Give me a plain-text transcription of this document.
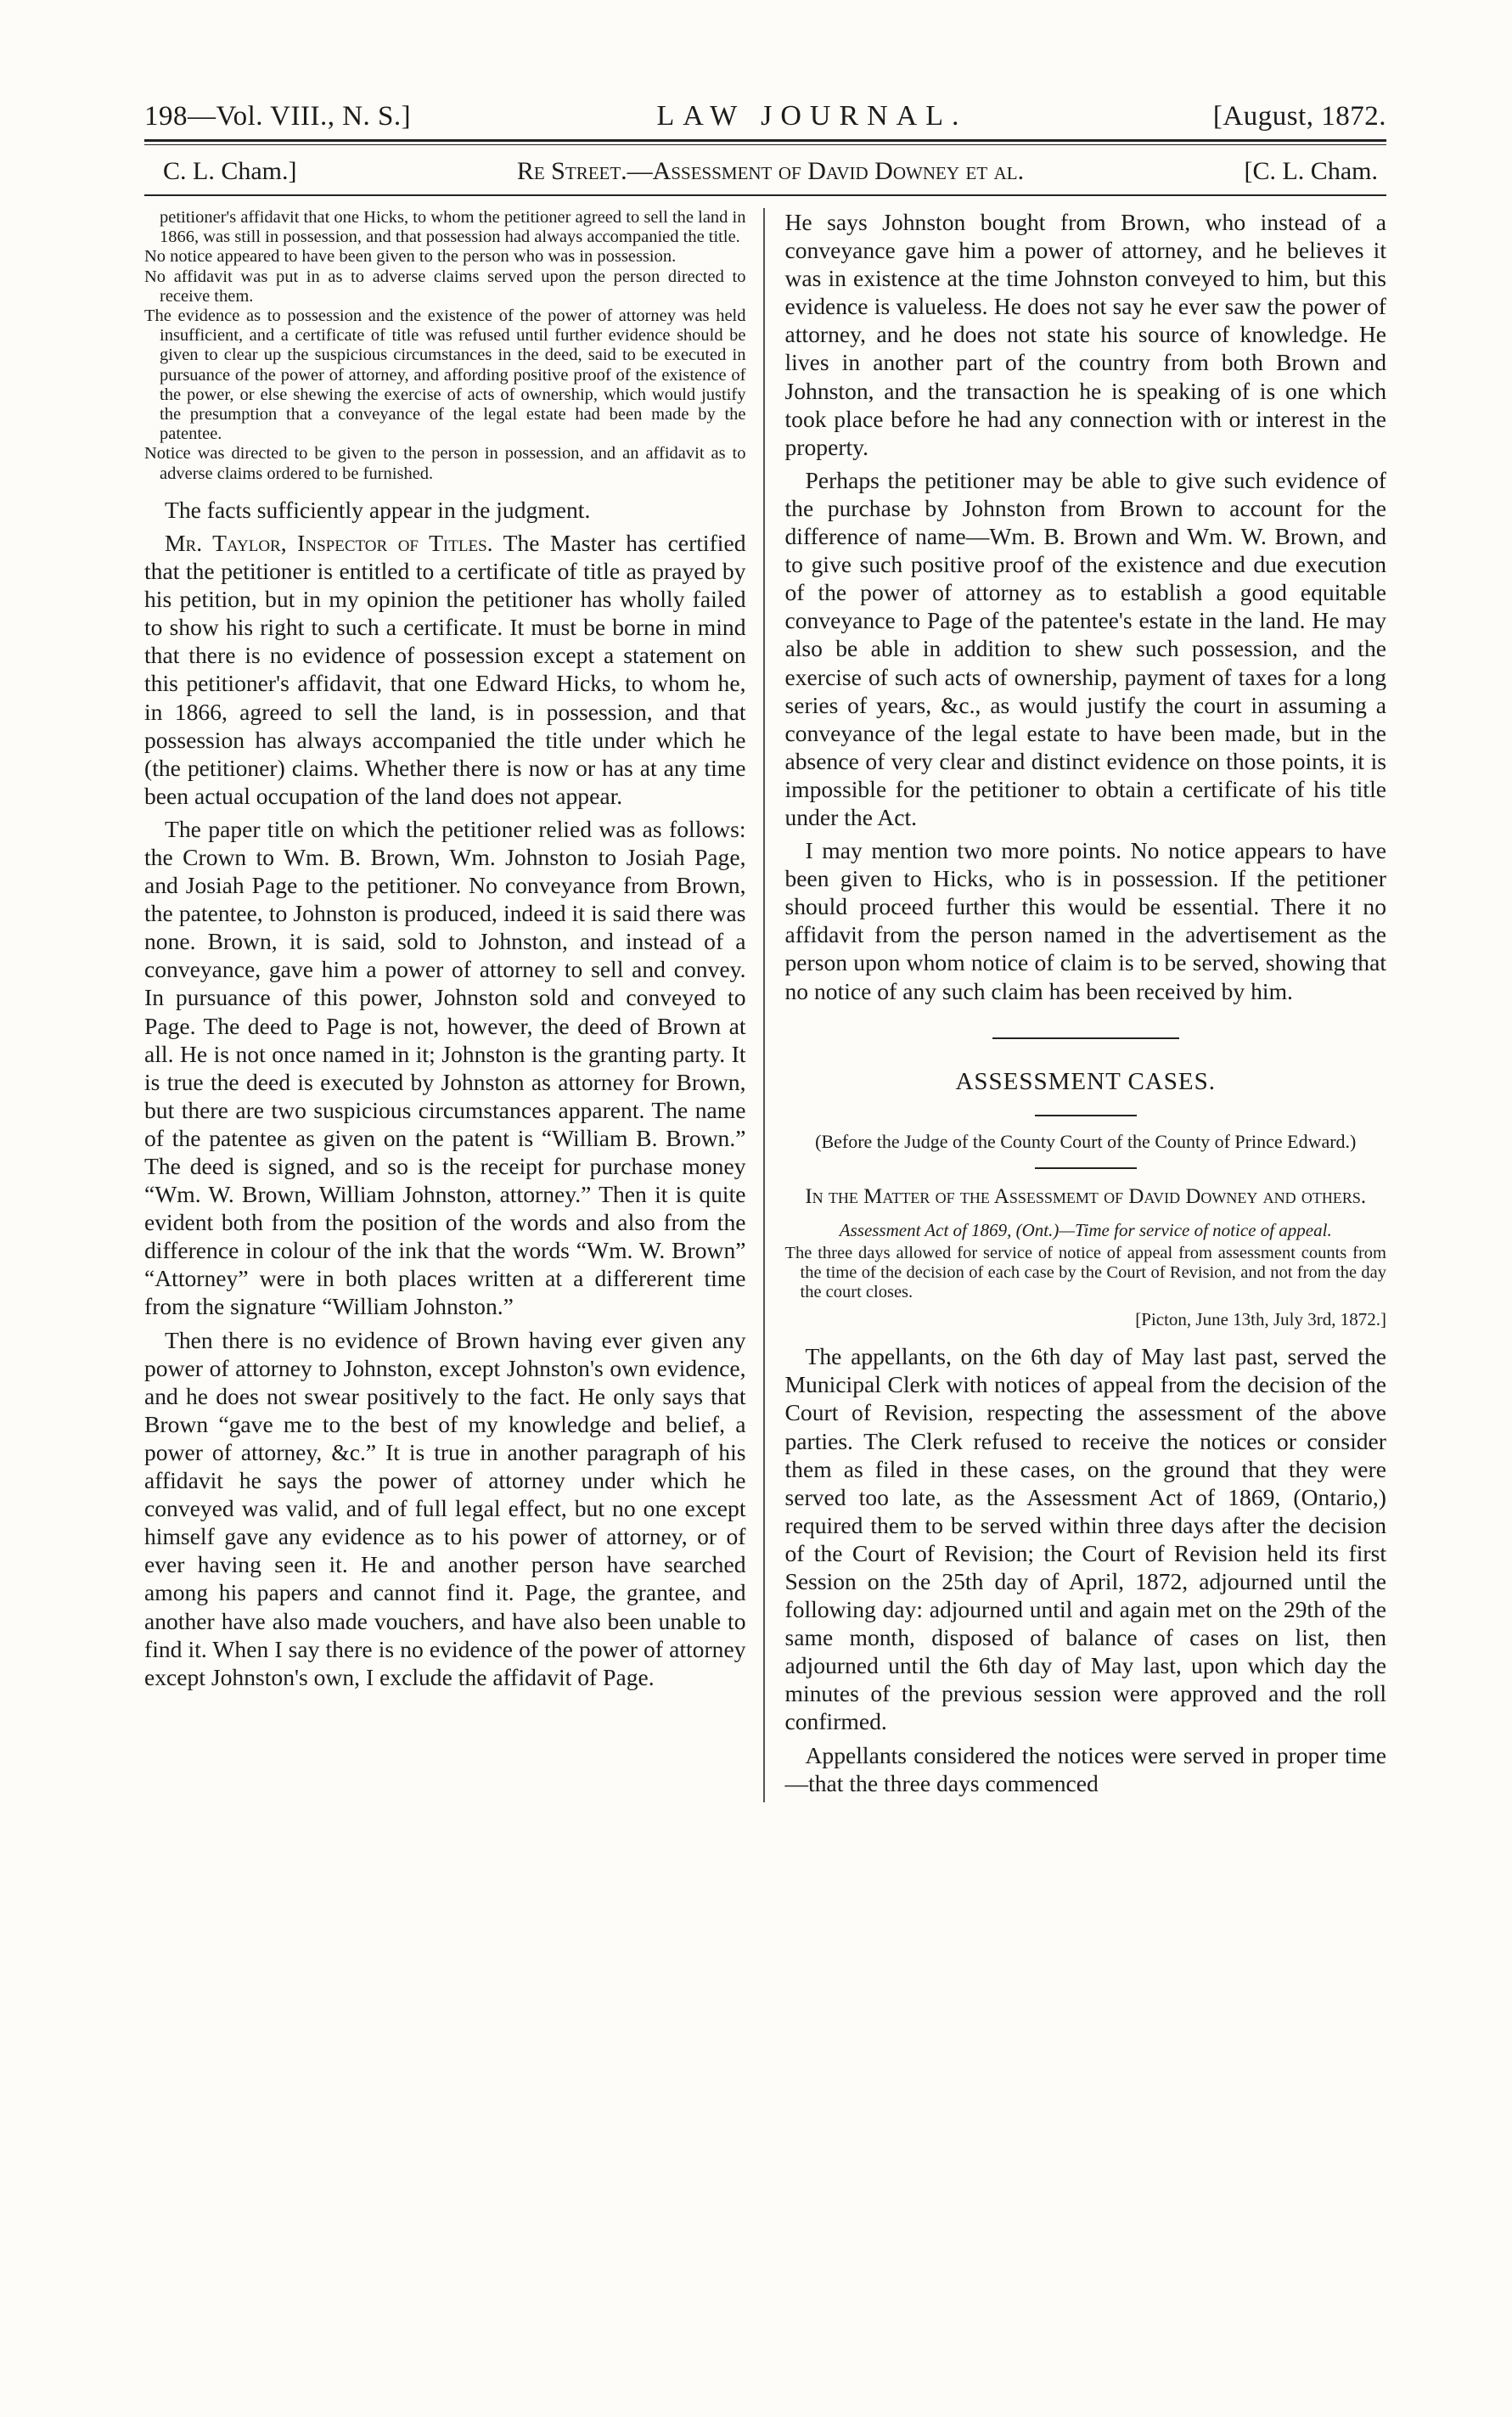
198—Vol. VIII., N. S.]	LAW JOURNAL.	[August, 1872.
C. L. Cham.]	Re Street.—Assessment of David Downey et al.	[C. L. Cham.

petitioner's affidavit that one Hicks, to whom the petitioner agreed to sell the land in 1866, was still in possession, and that possession had always accompanied the title.

No notice appeared to have been given to the person who was in possession.

No affidavit was put in as to adverse claims served upon the person directed to receive them.

The evidence as to possession and the existence of the power of attorney was held insufficient, and a certificate of title was refused until further evidence should be given to clear up the suspicious circumstances in the deed, said to be executed in pursuance of the power of attorney, and affording positive proof of the existence of the power, or else shewing the exercise of acts of ownership, which would justify the presumption that a conveyance of the legal estate had been made by the patentee.

Notice was directed to be given to the person in possession, and an affidavit as to adverse claims ordered to be furnished.

The facts sufficiently appear in the judgment.

Mr. Taylor, Inspector of Titles. The Master has certified that the petitioner is entitled to a certificate of title as prayed by his petition, but in my opinion the petitioner has wholly failed to show his right to such a certificate. It must be borne in mind that there is no evidence of possession except a statement on this petitioner's affidavit, that one Edward Hicks, to whom he, in 1866, agreed to sell the land, is in possession, and that possession has always accompanied the title under which he (the petitioner) claims. Whether there is now or has at any time been actual occupation of the land does not appear.

The paper title on which the petitioner relied was as follows: the Crown to Wm. B. Brown, Wm. Johnston to Josiah Page, and Josiah Page to the petitioner. No conveyance from Brown, the patentee, to Johnston is produced, indeed it is said there was none. Brown, it is said, sold to Johnston, and instead of a conveyance, gave him a power of attorney to sell and convey. In pursuance of this power, Johnston sold and conveyed to Page. The deed to Page is not, however, the deed of Brown at all. He is not once named in it; Johnston is the granting party. It is true the deed is executed by Johnston as attorney for Brown, but there are two suspicious circumstances apparent. The name of the patentee as given on the patent is “William B. Brown.” The deed is signed, and so is the receipt for purchase money “Wm. W. Brown, William Johnston, attorney.” Then it is quite evident both from the position of the words and also from the difference in colour of the ink that the words “Wm. W. Brown” “Attorney” were in both places written at a differerent time from the signature “William Johnston.”

Then there is no evidence of Brown having ever given any power of attorney to Johnston, except Johnston's own evidence, and he does not swear positively to the fact. He only says that Brown “gave me to the best of my knowledge and belief, a power of attorney, &c.” It is true in another paragraph of his affidavit he says the power of attorney under which he conveyed was valid, and of full legal effect, but no one except himself gave any evidence as to his power of attorney, or of ever having seen it. He and another person have searched among his papers and cannot find it. Page, the grantee, and another have also made vouchers, and have also been unable to find it. When I say there is no evidence of the power of attorney except Johnston's own, I exclude the affidavit of Page.

He says Johnston bought from Brown, who instead of a conveyance gave him a power of attorney, and he believes it was in existence at the time Johnston conveyed to him, but this evidence is valueless. He does not say he ever saw the power of attorney, and he does not state his source of knowledge. He lives in another part of the country from both Brown and Johnston, and the transaction he is speaking of is one which took place before he had any connection with or interest in the property.

Perhaps the petitioner may be able to give such evidence of the purchase by Johnston from Brown to account for the difference of name—Wm. B. Brown and Wm. W. Brown, and to give such positive proof of the existence and due execution of the power of attorney as to establish a good equitable conveyance to Page of the patentee's estate in the land. He may also be able in addition to shew such possession, and the exercise of such acts of ownership, payment of taxes for a long series of years, &c., as would justify the court in assuming a conveyance of the legal estate to have been made, but in the absence of very clear and distinct evidence on those points, it is impossible for the petitioner to obtain a certificate of his title under the Act.

I may mention two more points. No notice appears to have been given to Hicks, who is in possession. If the petitioner should proceed further this would be essential. There it no affidavit from the person named in the advertisement as the person upon whom notice of claim is to be served, showing that no notice of any such claim has been received by him.

ASSESSMENT CASES.
(Before the Judge of the County Court of the County of Prince Edward.)
In the Matter of the Assessmemt of David Downey and others.
Assessment Act of 1869, (Ont.)—Time for service of notice of appeal.

The three days allowed for service of notice of appeal from assessment counts from the time of the decision of each case by the Court of Revision, and not from the day the court closes.

[Picton, June 13th, July 3rd, 1872.]

The appellants, on the 6th day of May last past, served the Municipal Clerk with notices of appeal from the decision of the Court of Revision, respecting the assessment of the above parties. The Clerk refused to receive the notices or consider them as filed in these cases, on the ground that they were served too late, as the Assessment Act of 1869, (Ontario,) required them to be served within three days after the decision of the Court of Revision; the Court of Revision held its first Session on the 25th day of April, 1872, adjourned until the following day: adjourned until and again met on the 29th of the same month, disposed of balance of cases on list, then adjourned until the 6th day of May last, upon which day the minutes of the previous session were approved and the roll confirmed.

Appellants considered the notices were served in proper time—that the three days commenced
